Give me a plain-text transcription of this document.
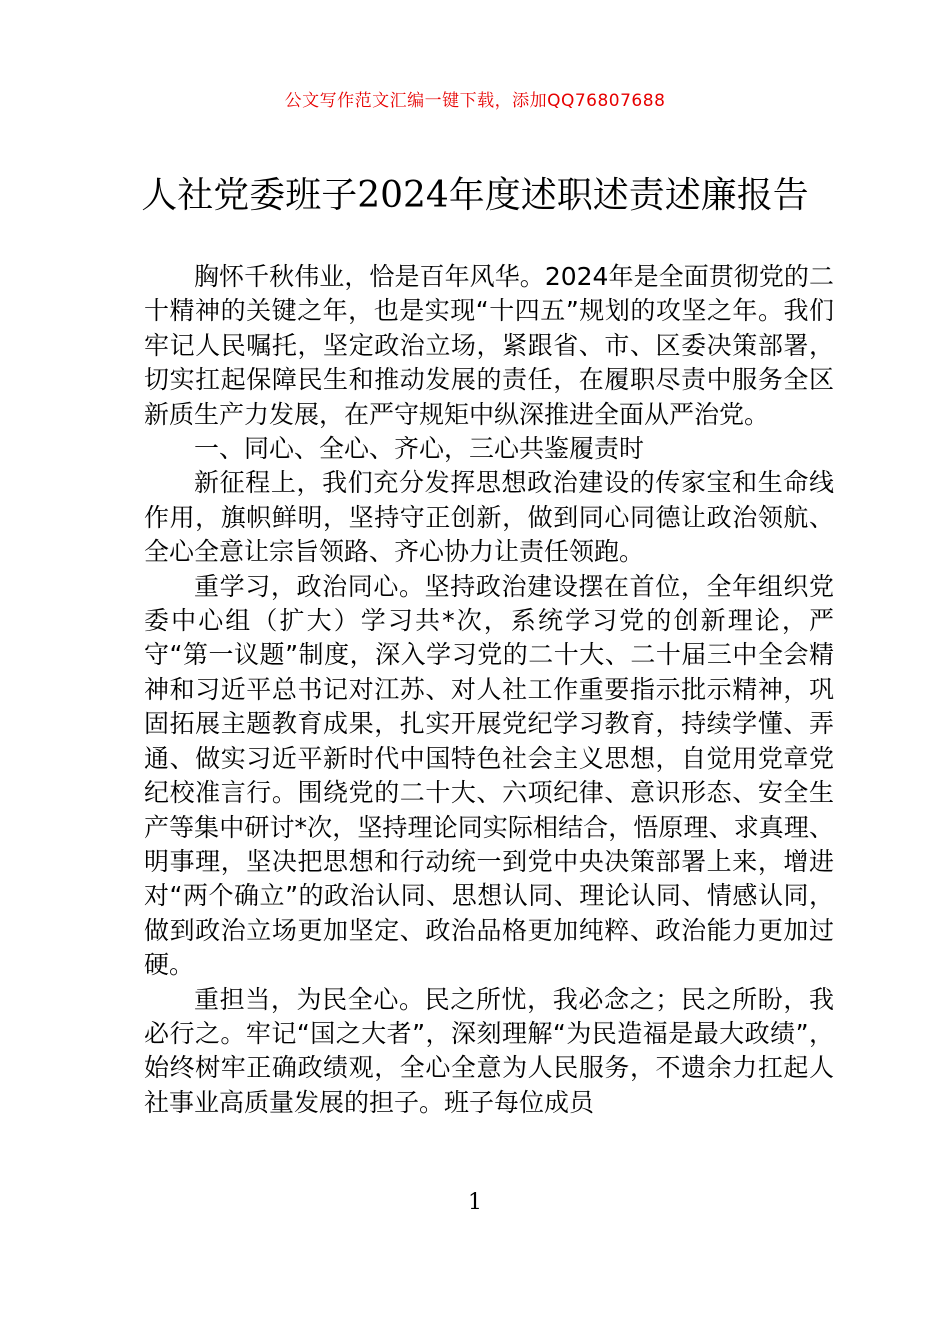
公文写作范文汇编一键下载，添加QQ76807688
人社党委班子2024年度述职述责述廉报告

胸怀千秋伟业，恰是百年风华。2024年是全面贯彻党的二十精神的关键之年，也是实现“十四五”规划的攻坚之年。我们牢记人民嘱托，坚定政治立场，紧跟省、市、区委决策部署，切实扛起保障民生和推动发展的责任，在履职尽责中服务全区新质生产力发展，在严守规矩中纵深推进全面从严治党。

一、同心、全心、齐心，三心共鉴履责时

新征程上，我们充分发挥思想政治建设的传家宝和生命线作用，旗帜鲜明，坚持守正创新，做到同心同德让政治领航、全心全意让宗旨领路、齐心协力让责任领跑。

重学习，政治同心。坚持政治建设摆在首位，全年组织党委中心组（扩大）学习共*次，系统学习党的创新理论，严守“第一议题”制度，深入学习党的二十大、二十届三中全会精神和习近平总书记对江苏、对人社工作重要指示批示精神，巩固拓展主题教育成果，扎实开展党纪学习教育，持续学懂、弄通、做实习近平新时代中国特色社会主义思想，自觉用党章党纪校准言行。围绕党的二十大、六项纪律、意识形态、安全生产等集中研讨*次，坚持理论同实际相结合，悟原理、求真理、明事理，坚决把思想和行动统一到党中央决策部署上来，增进对“两个确立”的政治认同、思想认同、理论认同、情感认同，做到政治立场更加坚定、政治品格更加纯粹、政治能力更加过硬。

重担当，为民全心。民之所忧，我必念之；民之所盼，我必行之。牢记“国之大者”，深刻理解“为民造福是最大政绩”，始终树牢正确政绩观，全心全意为人民服务，不遗余力扛起人社事业高质量发展的担子。班子每位成员

1
